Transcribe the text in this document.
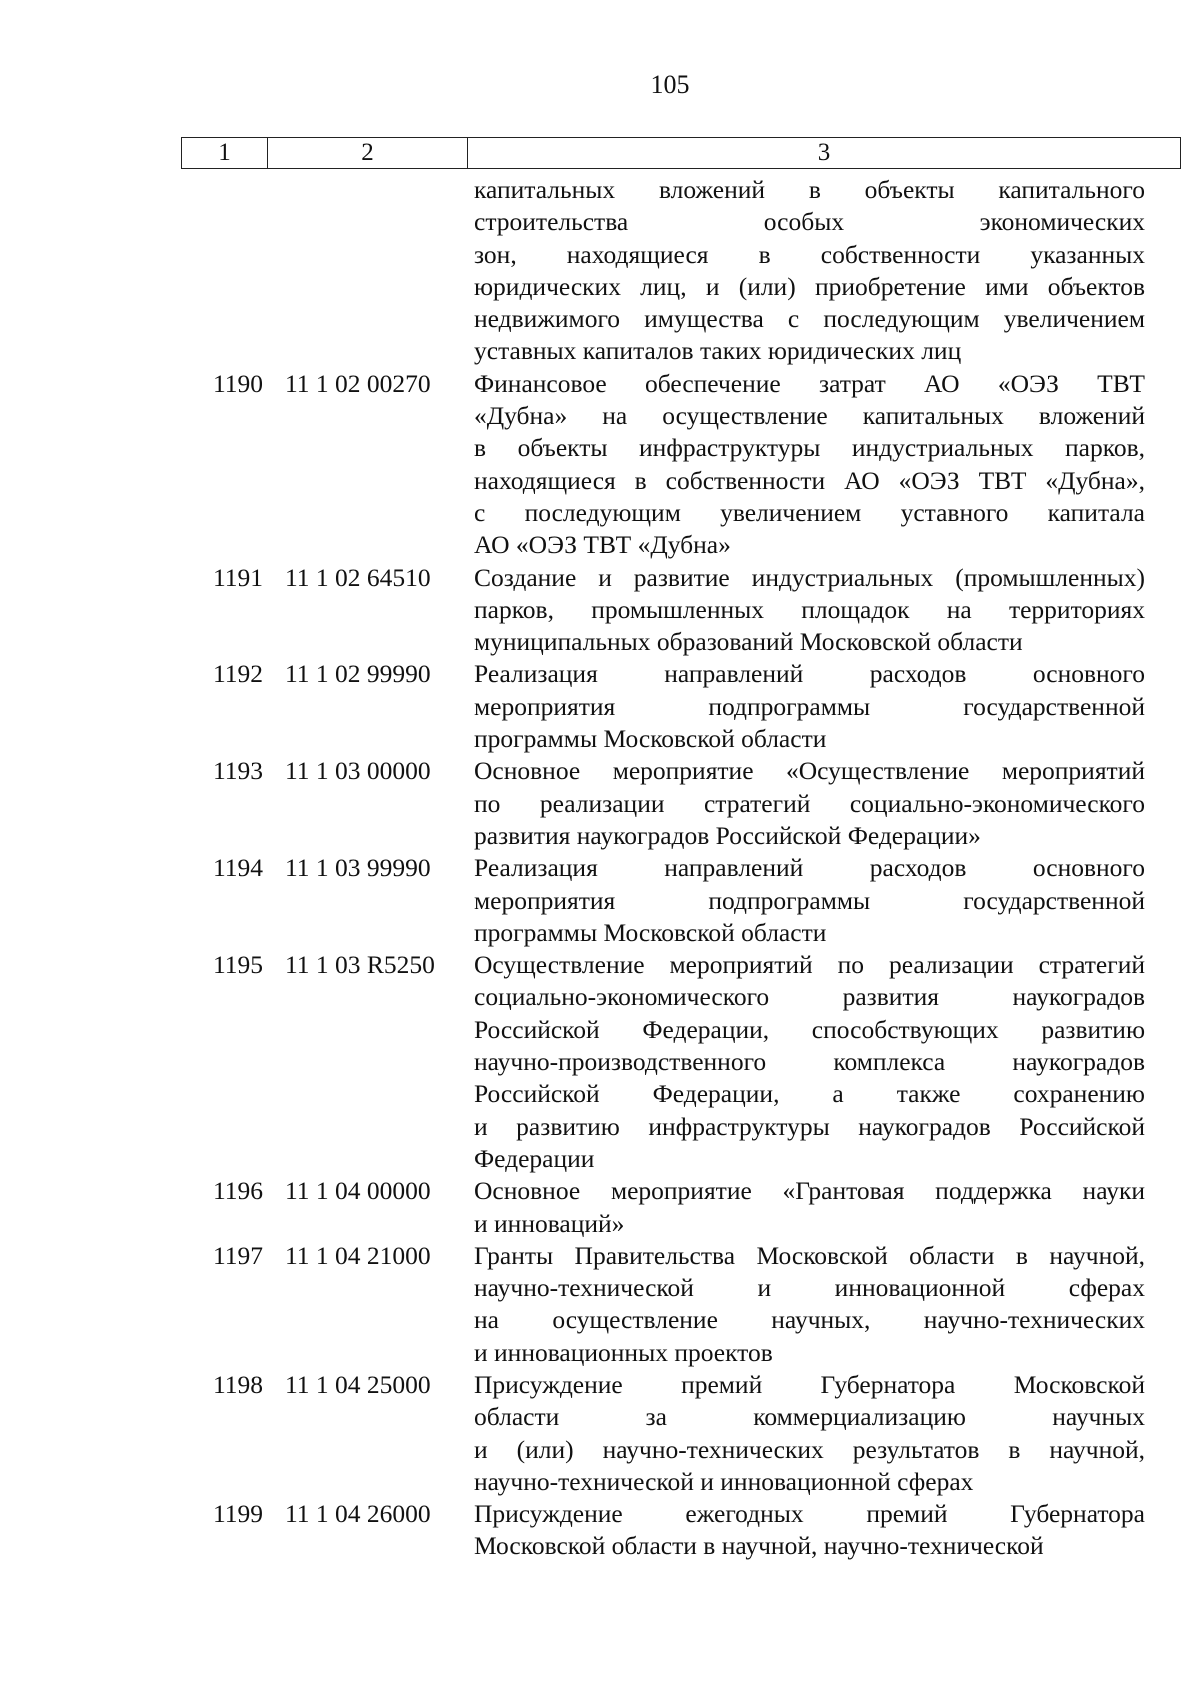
105
1	2	3
капитальных вложений в объекты капитального
строительства особых экономических
зон, находящиеся в собственности указанных
юридических лиц, и (или) приобретение ими объектов
недвижимого имущества с последующим увеличением
уставных капиталов таких юридических лиц
1190 11 1 02 00270	Финансовое обеспечение затрат АО «ОЭЗ ТВТ
«Дубна» на осуществление капитальных вложений
в объекты инфраструктуры индустриальных парков,
находящиеся в собственности АО «ОЭЗ ТВТ «Дубна»,
с последующим увеличением уставного капитала
АО «ОЭЗ ТВТ «Дубна»
1191 11 1 02 64510	Создание и развитие индустриальных (промышленных)
парков, промышленных площадок на территориях
муниципальных образований Московской области
1192 11 1 02 99990	Реализация направлений расходов основного
мероприятия подпрограммы государственной
программы Московской области
1193 11 1 03 00000	Основное мероприятие «Осуществление мероприятий
по реализации стратегий социально-экономического
развития наукоградов Российской Федерации»
1194 11 1 03 99990	Реализация направлений расходов основного
мероприятия подпрограммы государственной
программы Московской области
1195 11 1 03 R5250	Осуществление мероприятий по реализации стратегий
социально-экономического развития наукоградов
Российской Федерации, способствующих развитию
научно-производственного комплекса наукоградов
Российской Федерации, а также сохранению
и развитию инфраструктуры наукоградов Российской
Федерации
1196 11 1 04 00000	Основное мероприятие «Грантовая поддержка науки
и инноваций»
1197 11 1 04 21000	Гранты Правительства Московской области в научной,
научно-технической и инновационной сферах
на осуществление научных, научно-технических
и инновационных проектов
1198 11 1 04 25000	Присуждение премий Губернатора Московской
области за коммерциализацию научных
и (или) научно-технических результатов в научной,
научно-технической и инновационной сферах
1199 11 1 04 26000	Присуждение ежегодных премий Губернатора
Московской области в научной, научно-технической
